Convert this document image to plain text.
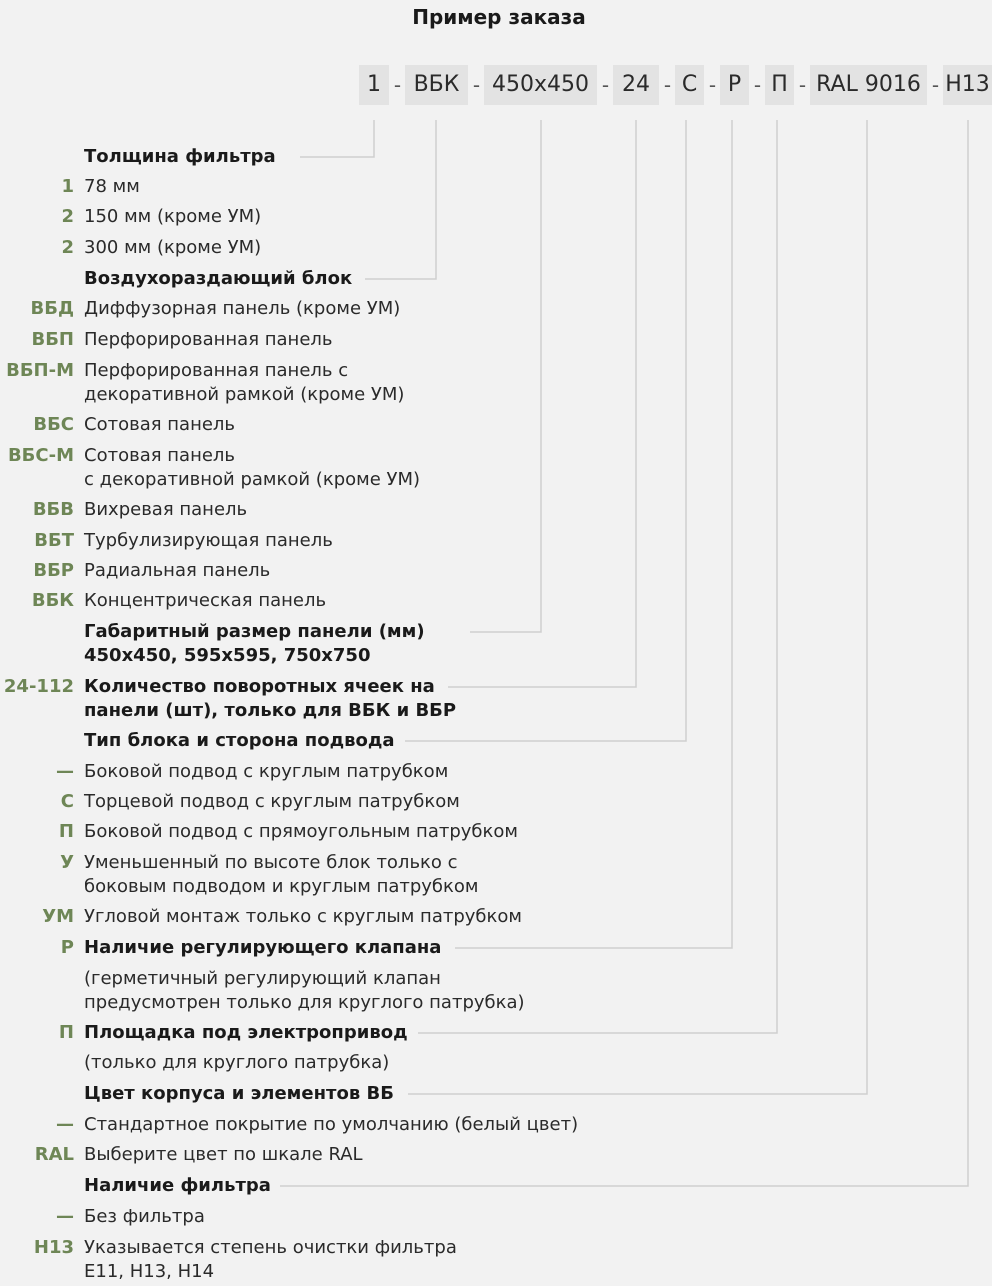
Пример заказа
1 - ВБК - 450x450 - 24 - С - Р - П - RAL 9016 - H13
Толщина фильтра
1 78 мм
2 150 мм (кроме УМ)
2 300 мм (кроме УМ)
Воздухораздающий блок
ВБД Диффузорная панель (кроме УМ)
ВБП Перфорированная панель
ВБП-М Перфорированная панель с
декоративной рамкой (кроме УМ)
ВБС Сотовая панель
ВБС-М Сотовая панель
с декоративной рамкой (кроме УМ)
ВБВ Вихревая панель
ВБТ Турбулизирующая панель
ВБР Радиальная панель
ВБК Концентрическая панель
Габаритный размер панели (мм)
450x450, 595x595, 750x750
24-112 Количество поворотных ячеек на
панели (шт), только для ВБК и ВБР
Тип блока и сторона подвода
— Боковой подвод с круглым патрубком
С Торцевой подвод с круглым патрубком
П Боковой подвод с прямоугольным патрубком
У Уменьшенный по высоте блок только с
боковым подводом и круглым патрубком
УМ Угловой монтаж только с круглым патрубком
Р Наличие регулирующего клапана
(герметичный регулирующий клапан
предусмотрен только для круглого патрубка)
П Площадка под электропривод
(только для круглого патрубка)
Цвет корпуса и элементов ВБ
— Стандартное покрытие по умолчанию (белый цвет)
RAL Выберите цвет по шкале RAL
Наличие фильтра
— Без фильтра
H13 Указывается степень очистки фильтра
E11, H13, H14
